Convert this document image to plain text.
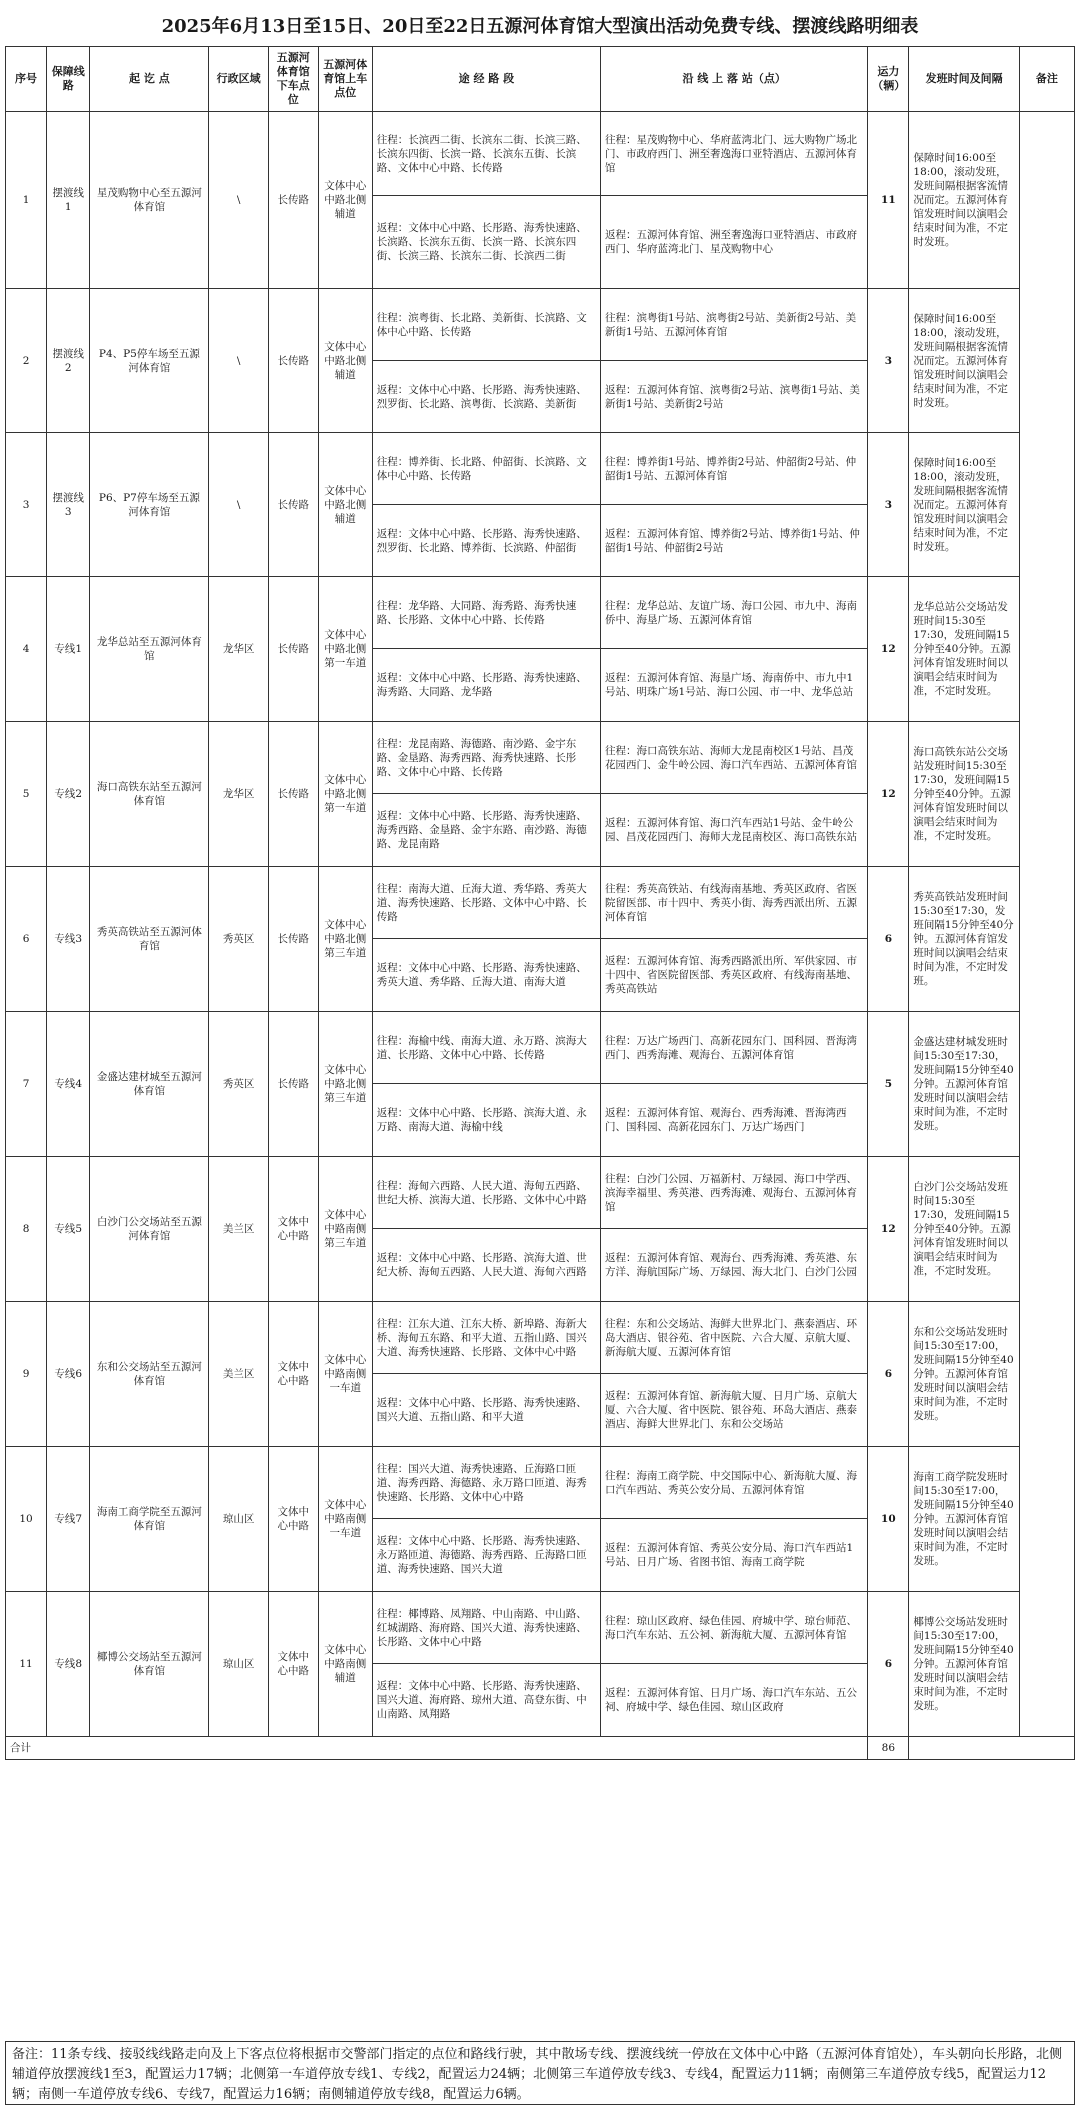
2025年6月13日至15日、20日至22日五源河体育馆大型演出活动免费专线、摆渡线路明细表
序号	保障线路	起 讫 点	行政区域	五源河体育馆下车点位	五源河体育馆上车点位	途 经 路 段	沿 线 上 落 站（点）	运力（辆）	发班时间及间隔	备注
1	摆渡线1	星茂购物中心至五源河体育馆	\	长传路	文体中心中路北侧辅道	往程：长滨西二街、长滨东二街、长滨三路、长滨东四街、长滨一路、长滨东五街、长滨路、文体中心中路、长传路	往程：星茂购物中心、华府蓝湾北门、远大购物广场北门、市政府西门、洲至奢逸海口亚特酒店、五源河体育馆	11	保障时间16:00至18:00，滚动发班，发班间隔根据客流情况而定。五源河体育馆发班时间以演唱会结束时间为准，不定时发班。	
						返程：文体中心中路、长彤路、海秀快速路、长滨路、长滨东五街、长滨一路、长滨东四街、长滨三路、长滨东二街、长滨西二街	返程：五源河体育馆、洲至奢逸海口亚特酒店、市政府西门、华府蓝湾北门、星茂购物中心			
2	摆渡线2	P4、P5停车场至五源河体育馆	\	长传路	文体中心中路北侧辅道	往程：滨粤街、长北路、美新街、长滨路、文体中心中路、长传路	往程：滨粤街1号站、滨粤街2号站、美新街2号站、美新街1号站、五源河体育馆	3	保障时间16:00至18:00，滚动发班，发班间隔根据客流情况而定。五源河体育馆发班时间以演唱会结束时间为准，不定时发班。	
						返程：文体中心中路、长彤路、海秀快速路、烈罗街、长北路、滨粤街、长滨路、美新街	返程：五源河体育馆、滨粤街2号站、滨粤街1号站、美新街1号站、美新街2号站			
3	摆渡线3	P6、P7停车场至五源河体育馆	\	长传路	文体中心中路北侧辅道	往程：博养街、长北路、仲韶街、长滨路、文体中心中路、长传路	往程：博养街1号站、博养街2号站、仲韶街2号站、仲韶街1号站、五源河体育馆	3	保障时间16:00至18:00，滚动发班，发班间隔根据客流情况而定。五源河体育馆发班时间以演唱会结束时间为准，不定时发班。	
						返程：文体中心中路、长彤路、海秀快速路、烈罗街、长北路、博养街、长滨路、仲韶街	返程：五源河体育馆、博养街2号站、博养街1号站、仲韶街1号站、仲韶街2号站			
4	专线1	龙华总站至五源河体育馆	龙华区	长传路	文体中心中路北侧第一车道	往程：龙华路、大同路、海秀路、海秀快速路、长彤路、文体中心中路、长传路	往程：龙华总站、友谊广场、海口公园、市九中、海南侨中、海垦广场、五源河体育馆	12	龙华总站公交场站发班时间15:30至17:30，发班间隔15分钟至40分钟。五源河体育馆发班时间以演唱会结束时间为准，不定时发班。	
						返程：文体中心中路、长彤路、海秀快速路、海秀路、大同路、龙华路	返程：五源河体育馆、海垦广场、海南侨中、市九中1号站、明珠广场1号站、海口公园、市一中、龙华总站			
5	专线2	海口高铁东站至五源河体育馆	龙华区	长传路	文体中心中路北侧第一车道	往程：龙昆南路、海德路、南沙路、金宇东路、金垦路、海秀西路、海秀快速路、长彤路、文体中心中路、长传路	往程：海口高铁东站、海师大龙昆南校区1号站、昌茂花园西门、金牛岭公园、海口汽车西站、五源河体育馆	12	海口高铁东站公交场站发班时间15:30至17:30，发班间隔15分钟至40分钟。五源河体育馆发班时间以演唱会结束时间为准，不定时发班。	
						返程：文体中心中路、长彤路、海秀快速路、海秀西路、金垦路、金宇东路、南沙路、海德路、龙昆南路	返程：五源河体育馆、海口汽车西站1号站、金牛岭公园、昌茂花园西门、海师大龙昆南校区、海口高铁东站			
6	专线3	秀英高铁站至五源河体育馆	秀英区	长传路	文体中心中路北侧第三车道	往程：南海大道、丘海大道、秀华路、秀英大道、海秀快速路、长彤路、文体中心中路、长传路	往程：秀英高铁站、有线海南基地、秀英区政府、省医院留医部、市十四中、秀英小街、海秀西派出所、五源河体育馆	6	秀英高铁站发班时间15:30至17:30，发班间隔15分钟至40分钟。五源河体育馆发班时间以演唱会结束时间为准，不定时发班。	
						返程：文体中心中路、长彤路、海秀快速路、秀英大道、秀华路、丘海大道、南海大道	返程：五源河体育馆、海秀西路派出所、军供家园、市十四中、省医院留医部、秀英区政府、有线海南基地、秀英高铁站			
7	专线4	金盛达建材城至五源河体育馆	秀英区	长传路	文体中心中路北侧第三车道	往程：海榆中线、南海大道、永万路、滨海大道、长彤路、文体中心中路、长传路	往程：万达广场西门、高新花园东门、国科园、晋海湾西门、西秀海滩、观海台、五源河体育馆	5	金盛达建材城发班时间15:30至17:30，发班间隔15分钟至40分钟。五源河体育馆发班时间以演唱会结束时间为准，不定时发班。	
						返程：文体中心中路、长彤路、滨海大道、永万路、南海大道、海榆中线	返程：五源河体育馆、观海台、西秀海滩、晋海湾西门、国科园、高新花园东门、万达广场西门			
8	专线5	白沙门公交场站至五源河体育馆	美兰区	文体中心中路	文体中心中路南侧第三车道	往程：海甸六西路、人民大道、海甸五西路、世纪大桥、滨海大道、长彤路、文体中心中路	往程：白沙门公园、万福新村、万绿园、海口中学西、滨海幸福里、秀英港、西秀海滩、观海台、五源河体育馆	12	白沙门公交场站发班时间15:30至17:30，发班间隔15分钟至40分钟。五源河体育馆发班时间以演唱会结束时间为准，不定时发班。	
						返程：文体中心中路、长彤路、滨海大道、世纪大桥、海甸五西路、人民大道、海甸六西路	返程：五源河体育馆、观海台、西秀海滩、秀英港、东方洋、海航国际广场、万绿园、海大北门、白沙门公园			
9	专线6	东和公交场站至五源河体育馆	美兰区	文体中心中路	文体中心中路南侧一车道	往程：江东大道、江东大桥、新埠路、海新大桥、海甸五东路、和平大道、五指山路、国兴大道、海秀快速路、长彤路、文体中心中路	往程：东和公交场站、海鲜大世界北门、燕泰酒店、环岛大酒店、银谷苑、省中医院、六合大厦、京航大厦、新海航大厦、五源河体育馆	6	东和公交场站发班时间15:30至17:00，发班间隔15分钟至40分钟。五源河体育馆发班时间以演唱会结束时间为准，不定时发班。	
						返程：文体中心中路、长彤路、海秀快速路、国兴大道、五指山路、和平大道	返程：五源河体育馆、新海航大厦、日月广场、京航大厦、六合大厦、省中医院、银谷苑、环岛大酒店、燕泰酒店、海鲜大世界北门、东和公交场站			
10	专线7	海南工商学院至五源河体育馆	琼山区	文体中心中路	文体中心中路南侧一车道	往程：国兴大道、海秀快速路、丘海路口匝道、海秀西路、海德路、永万路口匝道、海秀快速路、长彤路、文体中心中路	往程：海南工商学院、中交国际中心、新海航大厦、海口汽车西站、秀英公安分局、五源河体育馆	10	海南工商学院发班时间15:30至17:00，发班间隔15分钟至40分钟。五源河体育馆发班时间以演唱会结束时间为准，不定时发班。	
						返程：文体中心中路、长彤路、海秀快速路、永万路匝道、海德路、海秀西路、丘海路口匝道、海秀快速路、国兴大道	返程：五源河体育馆、秀英公安分局、海口汽车西站1号站、日月广场、省图书馆、海南工商学院			
11	专线8	椰博公交场站至五源河体育馆	琼山区	文体中心中路	文体中心中路南侧辅道	往程：椰博路、凤翔路、中山南路、中山路、红城湖路、海府路、国兴大道、海秀快速路、长彤路、文体中心中路	往程：琼山区政府、绿色佳园、府城中学、琼台师范、海口汽车东站、五公祠、新海航大厦、五源河体育馆	6	椰博公交场站发班时间15:30至17:00，发班间隔15分钟至40分钟。五源河体育馆发班时间以演唱会结束时间为准，不定时发班。	
						返程：文体中心中路、长彤路、海秀快速路、国兴大道、海府路、琼州大道、高登东街、中山南路、凤翔路	返程：五源河体育馆、日月广场、海口汽车东站、五公祠、府城中学、绿色佳园、琼山区政府			
合计								86		
备注：11条专线、接驳线线路走向及上下客点位将根据市交警部门指定的点位和路线行驶，其中散场专线、摆渡线统一停放在文体中心中路（五源河体育馆处），车头朝向长彤路，北侧辅道停放摆渡线1至3，配置运力17辆；北侧第一车道停放专线1、专线2，配置运力24辆；北侧第三车道停放专线3、专线4，配置运力11辆；南侧第三车道停放专线5，配置运力12辆；南侧一车道停放专线6、专线7，配置运力16辆；南侧辅道停放专线8，配置运力6辆。
